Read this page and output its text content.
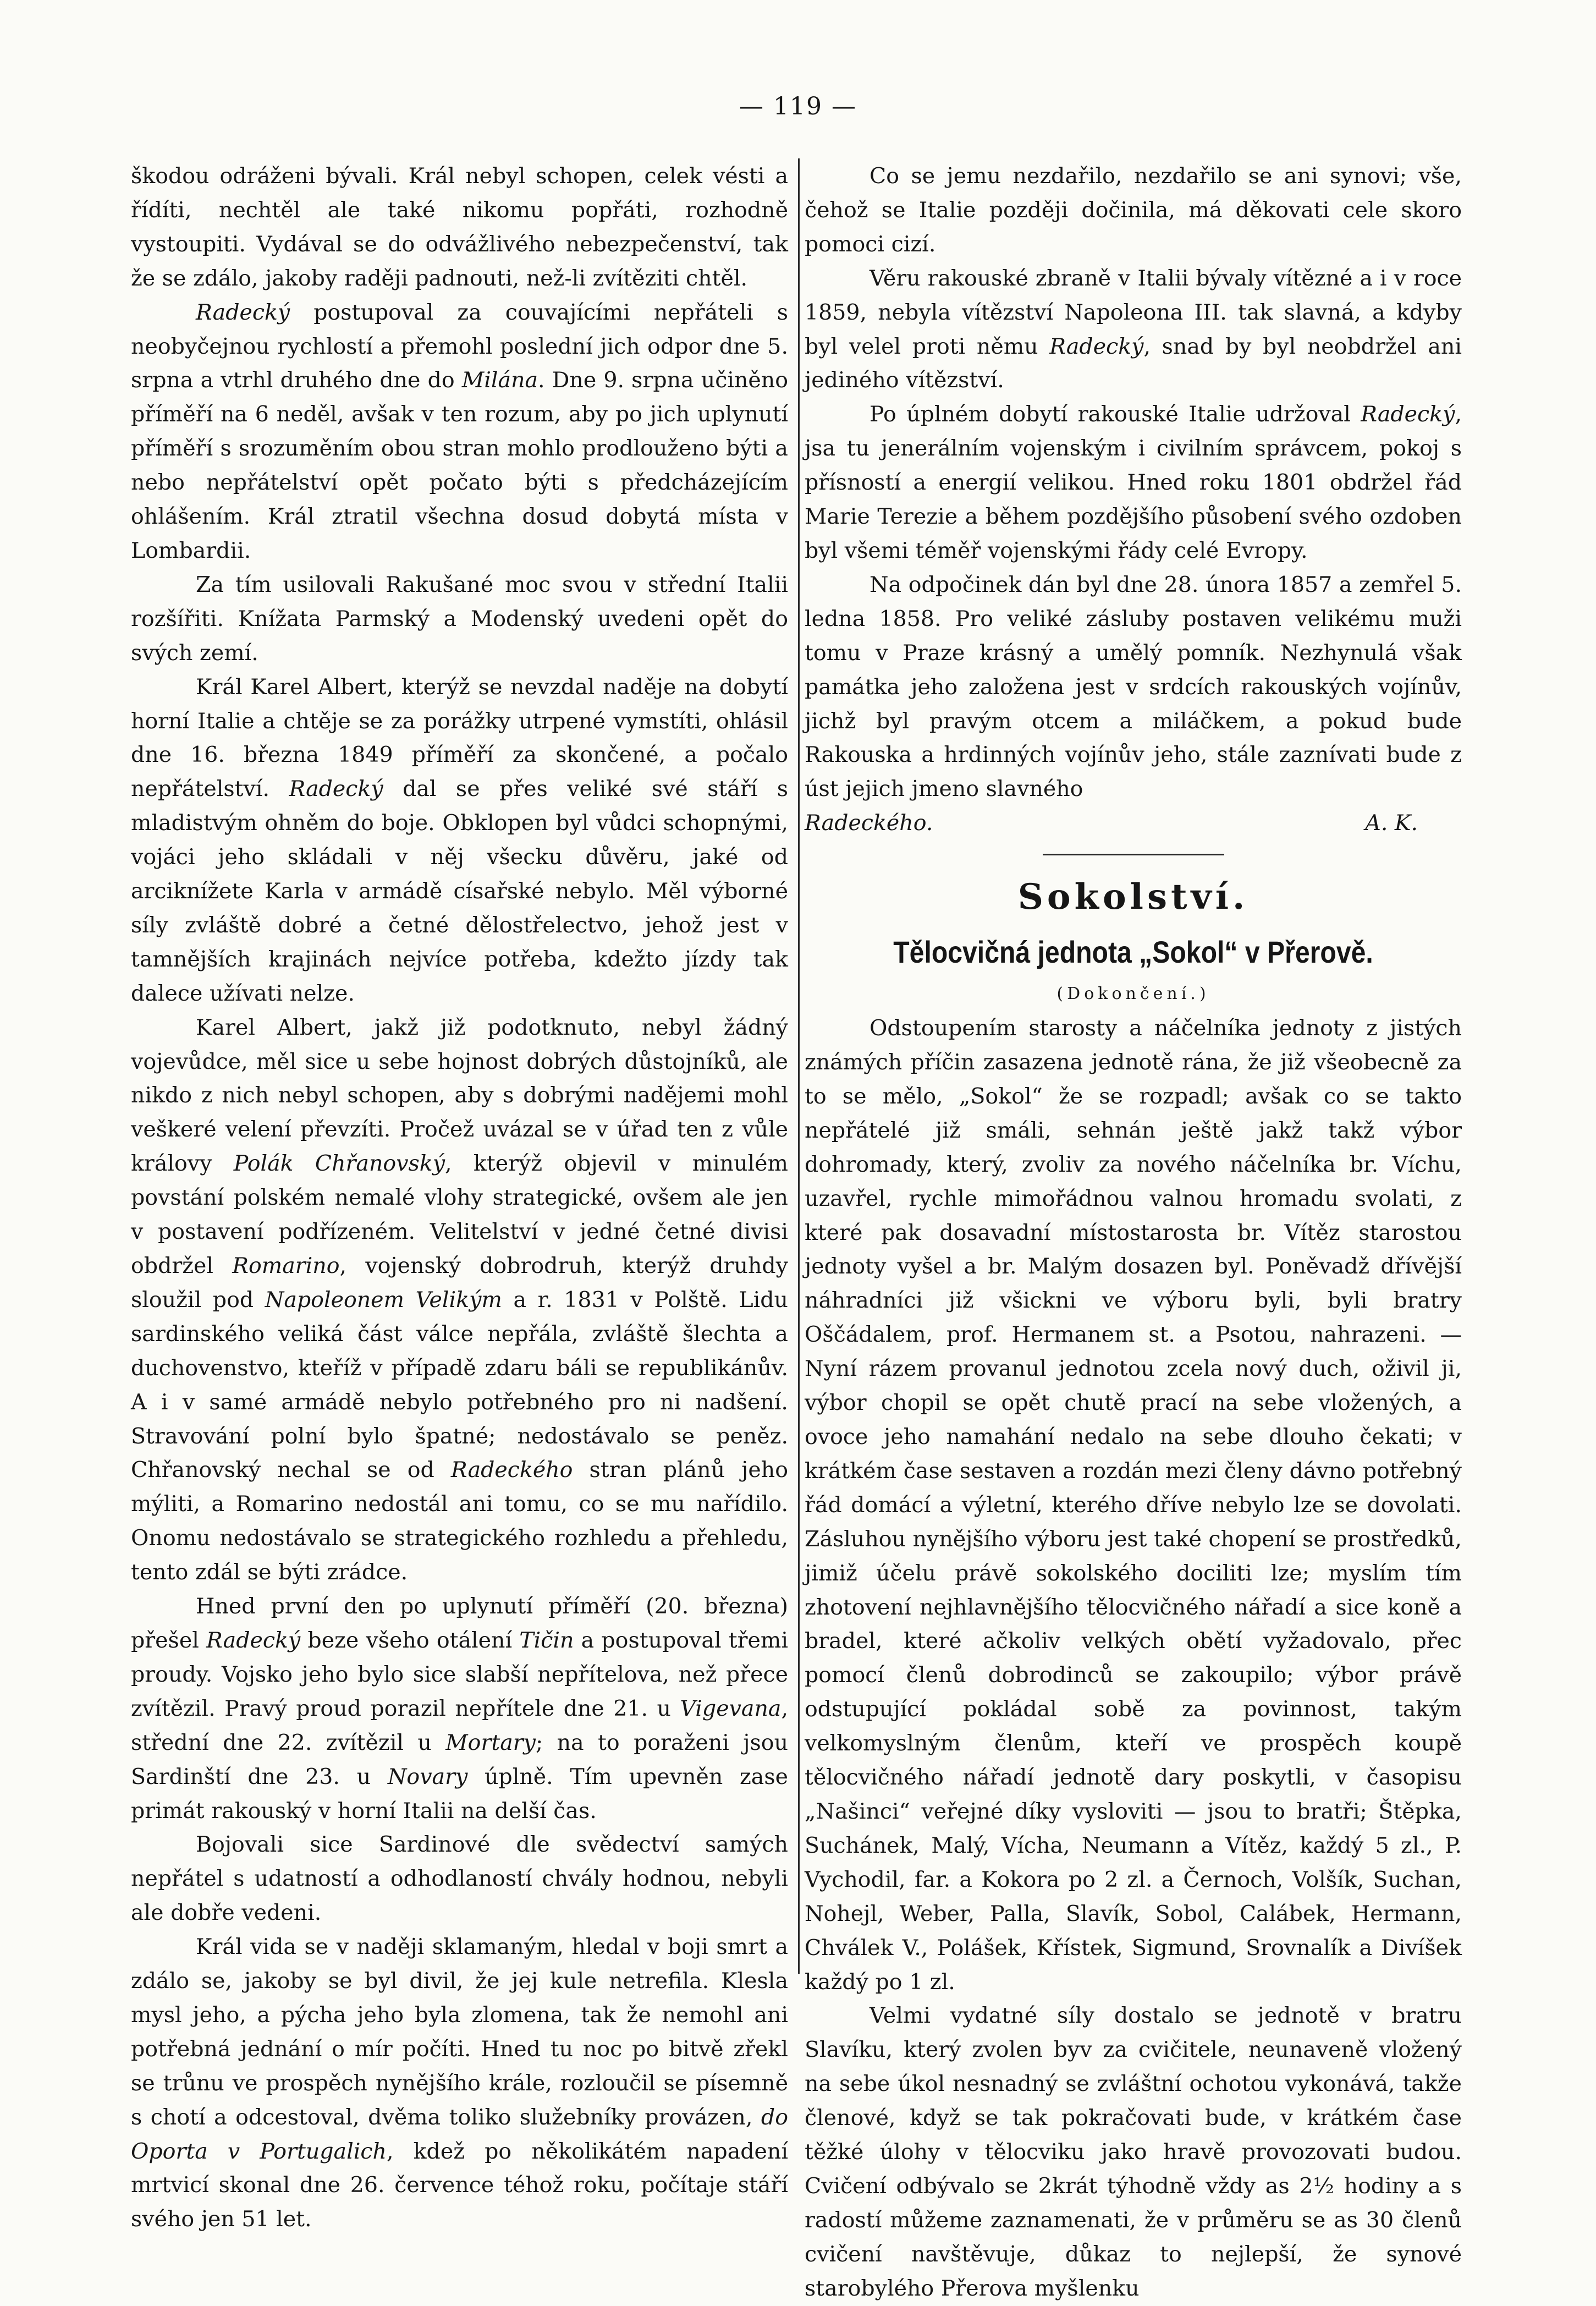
— 119 —

škodou odráženi bývali. Král nebyl schopen, celek vésti a řídíti, nechtěl ale také nikomu popřáti, rozhodně vystoupiti. Vydával se do odvážlivého nebezpečenství, tak že se zdálo, jakoby raději padnouti, než-li zvítěziti chtěl.

Radecký postupoval za couvajícími nepřáteli s neobyčejnou rychlostí a přemohl poslední jich odpor dne 5. srpna a vtrhl druhého dne do Milána. Dne 9. srpna učiněno příměří na 6 neděl, avšak v ten rozum, aby po jich uplynutí příměří s srozuměním obou stran mohlo prodlouženo býti a nebo nepřátelství opět počato býti s předcházejícím ohlášením. Král ztratil všechna dosud dobytá místa v Lombardii.

Za tím usilovali Rakušané moc svou v střední Italii rozšířiti. Knížata Parmský a Modenský uvedeni opět do svých zemí.

Král Karel Albert, kterýž se nevzdal naděje na dobytí horní Italie a chtěje se za porážky utrpené vymstíti, ohlásil dne 16. března 1849 příměří za skončené, a počalo nepřátelství. Radecký dal se přes veliké své stáří s mladistvým ohněm do boje. Obklopen byl vůdci schopnými, vojáci jeho skládali v něj všecku důvěru, jaké od arciknížete Karla v armádě císařské nebylo. Měl výborné síly zvláště dobré a četné dělostřelectvo, jehož jest v tamnějších krajinách nejvíce potřeba, kdežto jízdy tak dalece užívati nelze.

Karel Albert, jakž již podotknuto, nebyl žádný vojevůdce, měl sice u sebe hojnost dobrých důstojníků, ale nikdo z nich nebyl schopen, aby s dobrými nadějemi mohl veškeré velení převzíti. Pročež uvázal se v úřad ten z vůle královy Polák Chřanovský, kterýž objevil v minulém povstání polském nemalé vlohy strategické, ovšem ale jen v postavení podřízeném. Velitelství v jedné četné divisi obdržel Romarino, vojenský dobrodruh, kterýž druhdy sloužil pod Napoleonem Velikým a r. 1831 v Polště. Lidu sardinského veliká část válce nepřála, zvláště šlechta a duchovenstvo, kteříž v případě zdaru báli se republikánův. A i v samé armádě nebylo potřebného pro ni nadšení. Stravování polní bylo špatné; nedostávalo se peněz. Chřanovský nechal se od Radeckého stran plánů jeho mýliti, a Romarino nedostál ani tomu, co se mu nařídilo. Onomu nedostávalo se strategického rozhledu a přehledu, tento zdál se býti zrádce.

Hned první den po uplynutí příměří (20. března) přešel Radecký beze všeho otálení Tičin a postupoval třemi proudy. Vojsko jeho bylo sice slabší nepřítelova, než přece zvítězil. Pravý proud porazil nepřítele dne 21. u Vigevana, střední dne 22. zvítězil u Mortary; na to poraženi jsou Sardinští dne 23. u Novary úplně. Tím upevněn zase primát rakouský v horní Italii na delší čas.

Bojovali sice Sardinové dle svědectví samých nepřátel s udatností a odhodlaností chvály hodnou, nebyli ale dobře vedeni.

Král vida se v naději sklamaným, hledal v boji smrt a zdálo se, jakoby se byl divil, že jej kule netrefila. Klesla mysl jeho, a pýcha jeho byla zlomena, tak že nemohl ani potřebná jednání o mír počíti. Hned tu noc po bitvě zřekl se trůnu ve prospěch nynějšího krále, rozloučil se písemně s chotí a odcestoval, dvěma toliko služebníky provázen, do Oporta v Portugalich, kdež po několikátém napadení mrtvicí skonal dne 26. července téhož roku, počítaje stáří svého jen 51 let.

Co se jemu nezdařilo, nezdařilo se ani synovi; vše, čehož se Italie později dočinila, má děkovati cele skoro pomoci cizí.

Věru rakouské zbraně v Italii bývaly vítězné a i v roce 1859, nebyla vítězství Napoleona III. tak slavná, a kdyby byl velel proti němu Radecký, snad by byl neobdržel ani jediného vítězství.

Po úplném dobytí rakouské Italie udržoval Radecký, jsa tu jenerálním vojenským i civilním správcem, pokoj s přísností a energií velikou. Hned roku 1801 obdržel řád Marie Terezie a během pozdějšího působení svého ozdoben byl všemi téměř vojenskými řády celé Evropy.

Na odpočinek dán byl dne 28. února 1857 a zemřel 5. ledna 1858. Pro veliké zásluby postaven velikému muži tomu v Praze krásný a umělý pomník. Nezhynulá však památka jeho založena jest v srdcích rakouských vojínův, jichž byl pravým otcem a miláčkem, a pokud bude Rakouska a hrdinných vojínův jeho, stále zaznívati bude z úst jejich jmeno slavného

Radeckého.	A. K.
Sokolství.
Tělocvičná jednota „Sokol“ v Přerově.
(Dokončení.)

Odstoupením starosty a náčelníka jednoty z jistých známých příčin zasazena jednotě rána, že již všeobecně za to se mělo, „Sokol“ že se rozpadl; avšak co se takto nepřátelé již smáli, sehnán ještě jakž takž výbor dohromady, který, zvoliv za nového náčelníka br. Víchu, uzavřel, rychle mimořádnou valnou hromadu svolati, z které pak dosavadní místostarosta br. Vítěz starostou jednoty vyšel a br. Malým dosazen byl. Poněvadž dřívější náhradníci již všickni ve výboru byli, byli bratry Oščádalem, prof. Hermanem st. a Psotou, nahrazeni. — Nyní rázem provanul jednotou zcela nový duch, oživil ji, výbor chopil se opět chutě prací na sebe vložených, a ovoce jeho namahání nedalo na sebe dlouho čekati; v krátkém čase sestaven a rozdán mezi členy dávno potřebný řád domácí a výletní, kterého dříve nebylo lze se dovolati. Zásluhou nynějšího výboru jest také chopení se prostředků, jimiž účelu právě sokolského dociliti lze; myslím tím zhotovení nejhlavnějšího tělocvičného nářadí a sice koně a bradel, které ačkoliv velkých obětí vyžadovalo, přec pomocí členů dobrodinců se zakoupilo; výbor právě odstupující pokládal sobě za povinnost, takým velkomyslným členům, kteří ve prospěch koupě tělocvičného nářadí jednotě dary poskytli, v časopisu „Našinci“ veřejné díky vysloviti — jsou to bratři; Štěpka, Suchánek, Malý, Vícha, Neumann a Vítěz, každý 5 zl., P. Vychodil, far. a Kokora po 2 zl. a Černoch, Volšík, Suchan, Nohejl, Weber, Palla, Slavík, Sobol, Calábek, Hermann, Chválek V., Polášek, Křístek, Sigmund, Srovnalík a Divíšek každý po 1 zl.

Velmi vydatné síly dostalo se jednotě v bratru Slavíku, který zvolen byv za cvičitele, neunaveně vložený na sebe úkol nesnadný se zvláštní ochotou vykonává, takže členové, když se tak pokračovati bude, v krátkém čase těžké úlohy v tělocviku jako hravě provozovati budou. Cvičení odbývalo se 2krát týhodně vždy as 2½ hodiny a s radostí můžeme zaznamenati, že v průměru se as 30 členů cvičení navštěvuje, důkaz to nejlepší, že synové starobylého Přerova myšlenku
